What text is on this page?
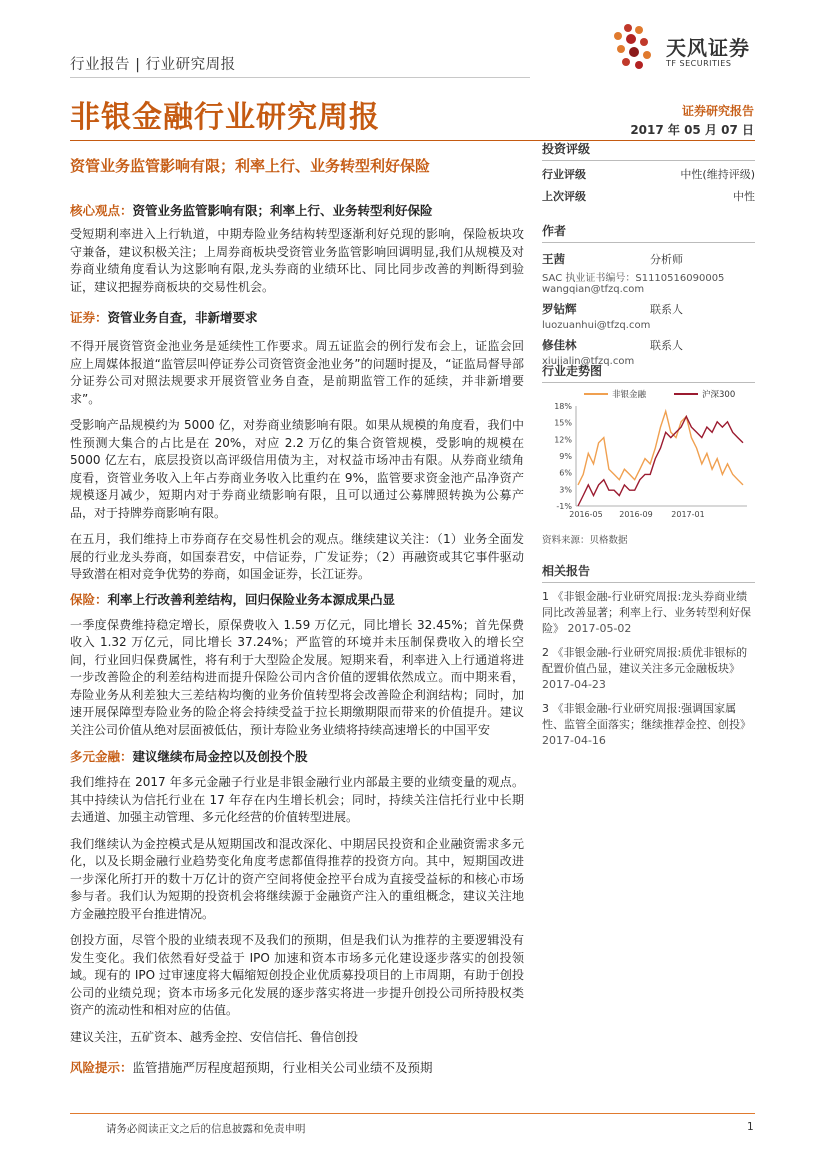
行业报告 | 行业研究周报
天风证券
TF SECURITIES
非银金融行业研究周报	证券研究报告
2017 年 05 月 07 日
资管业务监管影响有限；利率上行、业务转型利好保险
投资评级
行业评级	中性(维持评级)
上次评级	中性
作者
王茜	分析师
SAC 执业证书编号：S1110516090005
wangqian@tfzq.com
罗钻辉	联系人
luozuanhui@tfzq.com
修佳林	联系人
xiujialin@tfzq.com
行业走势图
-1%
3%
6%
9%
12%
15%
18%
2016-05 2016-09 2017-01
非银金融	沪深300
资料来源：贝格数据
相关报告
1 《非银金融-行业研究周报:龙头券商业绩同比改善显著；利率上行、业务转型利好保险》 2017-05-02
2 《非银金融-行业研究周报:质优非银标的配置价值凸显，建议关注多元金融板块》 2017-04-23
3 《非银金融-行业研究周报:强调国家属性、监管全面落实；继续推荐金控、创投》 2017-04-16
核心观点：资管业务监管影响有限；利率上行、业务转型利好保险
受短期利率进入上行轨道，中期寿险业务结构转型逐渐利好兑现的影响，保险板块攻守兼备，建议积极关注；上周券商板块受资管业务监管影响回调明显,我们从规模及对券商业绩角度看认为这影响有限,龙头券商的业绩环比、同比同步改善的判断得到验证，建议把握券商板块的交易性机会。
证券：资管业务自查，非新增要求
不得开展资管资金池业务是延续性工作要求。周五证监会的例行发布会上，证监会回应上周媒体报道“监管层叫停证券公司资管资金池业务”的问题时提及，“证监局督导部分证券公司对照法规要求开展资管业务自查，是前期监管工作的延续，并非新增要求”。
受影响产品规模约为 5000 亿，对券商业绩影响有限。如果从规模的角度看，我们中性预测大集合的占比是在 20%，对应 2.2 万亿的集合资管规模，受影响的规模在 5000 亿左右，底层投资以高评级信用债为主，对权益市场冲击有限。从券商业绩角度看，资管业务收入上年占券商业务收入比重约在 9%，监管要求资金池产品净资产规模逐月减少，短期内对于券商业绩影响有限，且可以通过公募牌照转换为公募产品，对于持牌券商影响有限。
在五月，我们维持上市券商存在交易性机会的观点。继续建议关注：（1）业务全面发展的行业龙头券商，如国泰君安，中信证券，广发证券；（2）再融资或其它事件驱动导致潜在相对竞争优势的券商，如国金证券，长江证券。
保险：利率上行改善利差结构，回归保险业务本源成果凸显
一季度保费维持稳定增长，原保费收入 1.59 万亿元，同比增长 32.45%；首先保费收入 1.32 万亿元，同比增长 37.24%；严监管的环境并未压制保费收入的增长空间，行业回归保费属性，将有利于大型险企发展。短期来看，利率进入上行通道将进一步改善险企的利差结构进而提升保险公司内含价值的逻辑依然成立。而中期来看，寿险业务从利差独大三差结构均衡的业务价值转型将会改善险企利润结构；同时，加速开展保障型寿险业务的险企将会持续受益于拉长期缴期限而带来的价值提升。建议关注公司价值从绝对层面被低估，预计寿险业务业绩将持续高速增长的中国平安
多元金融：建议继续布局金控以及创投个股
我们维持在 2017 年多元金融子行业是非银金融行业内部最主要的业绩变量的观点。其中持续认为信托行业在 17 年存在内生增长机会；同时，持续关注信托行业中长期去通道、加强主动管理、多元化经营的价值转型进展。
我们继续认为金控模式是从短期国改和混改深化、中期居民投资和企业融资需求多元化，以及长期金融行业趋势变化角度考虑都值得推荐的投资方向。其中，短期国改进一步深化所打开的数十万亿计的资产空间将使金控平台成为直接受益标的和核心市场参与者。我们认为短期的投资机会将继续源于金融资产注入的重组概念，建议关注地方金融控股平台推进情况。
创投方面，尽管个股的业绩表现不及我们的预期，但是我们认为推荐的主要逻辑没有发生变化。我们依然看好受益于 IPO 加速和资本市场多元化建设逐步落实的创投领域。现有的 IPO 过审速度将大幅缩短创投企业优质募投项目的上市周期，有助于创投公司的业绩兑现；资本市场多元化发展的逐步落实将进一步提升创投公司所持股权类资产的流动性和相对应的估值。
建议关注，五矿资本、越秀金控、安信信托、鲁信创投
风险提示：监管措施严厉程度超预期，行业相关公司业绩不及预期
请务必阅读正文之后的信息披露和免责申明	1
